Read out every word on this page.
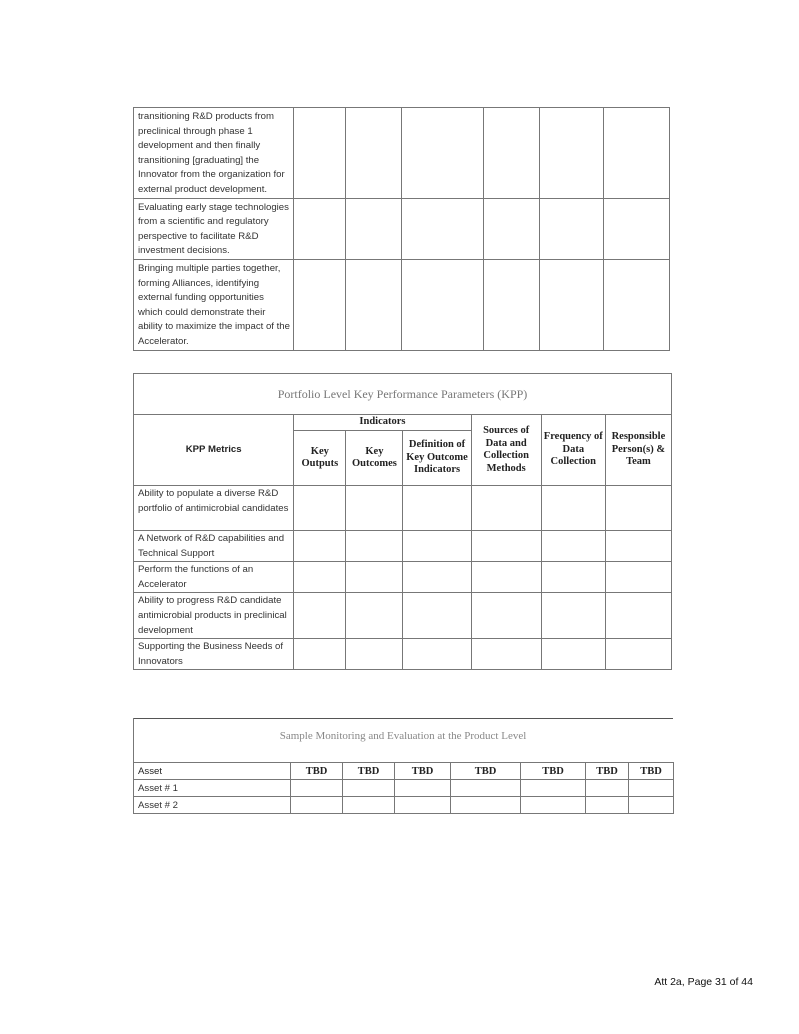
transitioning R&D products from preclinical through phase 1 development and then finally transitioning [graduating] the Innovator from the organization for external product development.						
Evaluating early stage technologies from a scientific and regulatory perspective to facilitate R&D investment decisions.						
Bringing multiple parties together, forming Alliances, identifying external funding opportunities which could demonstrate their ability to maximize the impact of the Accelerator.						
Portfolio Level Key Performance Parameters (KPP)
KPP Metrics	Indicators			Sources of Data and Collection Methods	Frequency of Data Collection	Responsible Person(s) & Team
	Key Outputs	Key Outcomes	Definition of Key Outcome Indicators			
Ability to populate a diverse R&D portfolio of antimicrobial candidates						
A Network of R&D capabilities and Technical Support						
Perform the functions of an Accelerator						
Ability to progress R&D candidate antimicrobial products in preclinical development						
Supporting the Business Needs of Innovators						
Sample Monitoring and Evaluation at the Product Level
Asset	TBD	TBD	TBD	TBD	TBD	TBD	TBD
Asset # 1							
Asset # 2							
Att 2a, Page 31 of 44
